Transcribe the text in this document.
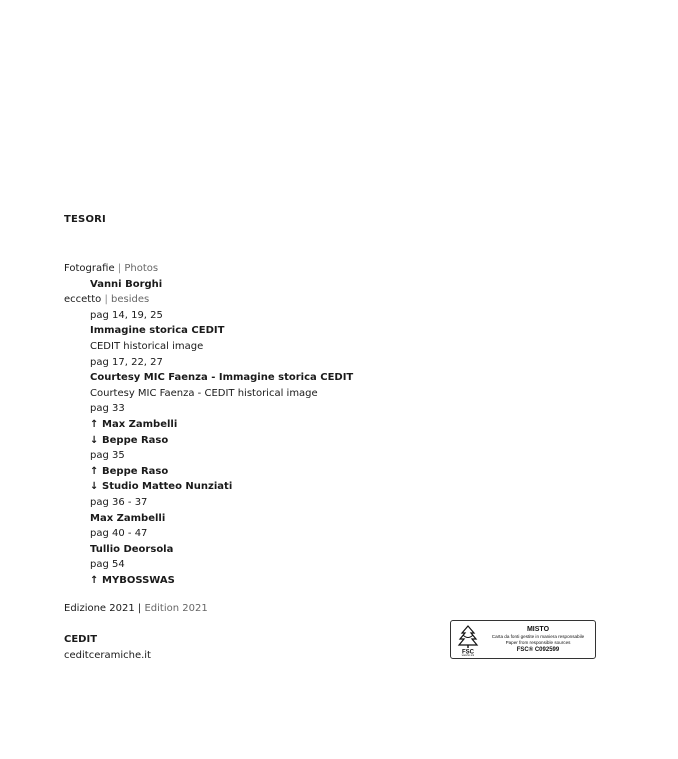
TESORI
Fotografie | Photos
Vanni Borghi
eccetto | besides
pag 14, 19, 25
Immagine storica CEDIT
CEDIT historical image
pag 17, 22, 27
Courtesy MIC Faenza - Immagine storica CEDIT
Courtesy MIC Faenza - CEDIT historical image
pag 33
↑ Max Zambelli
↓ Beppe Raso
pag 35
↑ Beppe Raso
↓ Studio Matteo Nunziati
pag 36 - 37
Max Zambelli
pag 40 - 47
Tullio Deorsola
pag 54
↑ MYBOSSWAS
Edizione 2021 | Edition 2021
CEDIT
ceditceramiche.it	FSC
www.fsc.org
MISTO
Carta da fonti gestite in maniera responsabile
Paper from responsible sources
FSC® C092599
